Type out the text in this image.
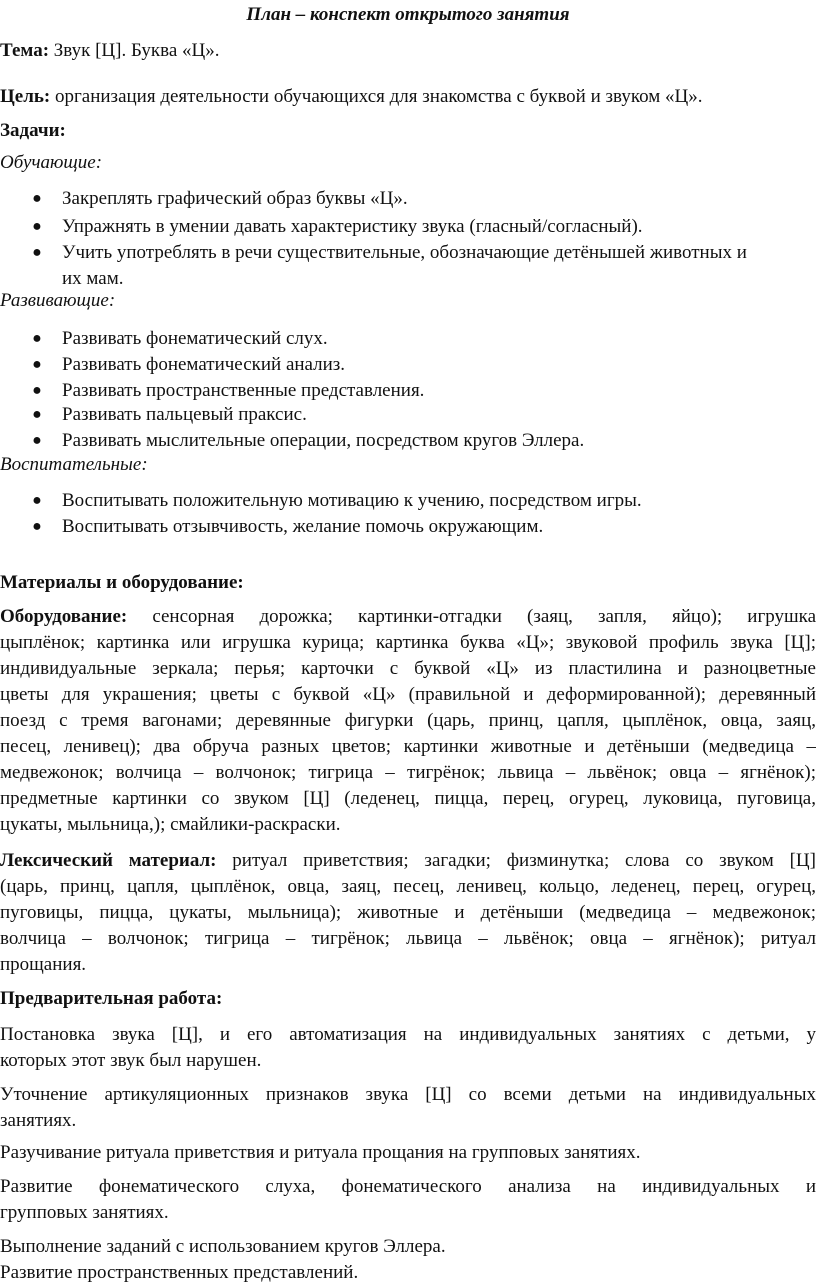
План – конспект открытого занятия
Тема: Звук [Ц]. Буква «Ц».
Цель: организация деятельности обучающихся для знакомства с буквой и звуком «Ц».
Задачи:
Обучающие:
● Закреплять графический образ буквы «Ц».
● Упражнять в умении давать характеристику звука (гласный/согласный).
● Учить употреблять в речи существительные, обозначающие детёнышей животных и
их мам.
Развивающие:
● Развивать фонематический слух.
● Развивать фонематический анализ.
● Развивать пространственные представления.
● Развивать пальцевый праксис.
● Развивать мыслительные операции, посредством кругов Эллера.
Воспитательные:
● Воспитывать положительную мотивацию к учению, посредством игры.
● Воспитывать отзывчивость, желание помочь окружающим.
Материалы и оборудование:
Оборудование: сенсорная дорожка; картинки-отгадки (заяц, запля, яйцо); игрушка
цыплёнок; картинка или игрушка курица; картинка буква «Ц»; звуковой профиль звука [Ц];
индивидуальные зеркала; перья; карточки с буквой «Ц» из пластилина и разноцветные
цветы для украшения; цветы с буквой «Ц» (правильной и деформированной); деревянный
поезд с тремя вагонами; деревянные фигурки (царь, принц, цапля, цыплёнок, овца, заяц,
песец, ленивец); два обруча разных цветов; картинки животные и детёныши (медведица –
медвежонок; волчица – волчонок; тигрица – тигрёнок; львица – львёнок; овца – ягнёнок);
предметные картинки со звуком [Ц] (леденец, пицца, перец, огурец, луковица, пуговица,
цукаты, мыльница,); смайлики-раскраски.
Лексический материал: ритуал приветствия; загадки; физминутка; слова со звуком [Ц]
(царь, принц, цапля, цыплёнок, овца, заяц, песец, ленивец, кольцо, леденец, перец, огурец,
пуговицы, пицца, цукаты, мыльница); животные и детёныши (медведица – медвежонок;
волчица – волчонок; тигрица – тигрёнок; львица – львёнок; овца – ягнёнок); ритуал
прощания.
Предварительная работа:
Постановка звука [Ц], и его автоматизация на индивидуальных занятиях с детьми, у
которых этот звук был нарушен.
Уточнение артикуляционных признаков звука [Ц] со всеми детьми на индивидуальных
занятиях.
Разучивание ритуала приветствия и ритуала прощания на групповых занятиях.
Развитие фонематического слуха, фонематического анализа на индивидуальных и
групповых занятиях.
Выполнение заданий с использованием кругов Эллера.
Развитие пространственных представлений.
